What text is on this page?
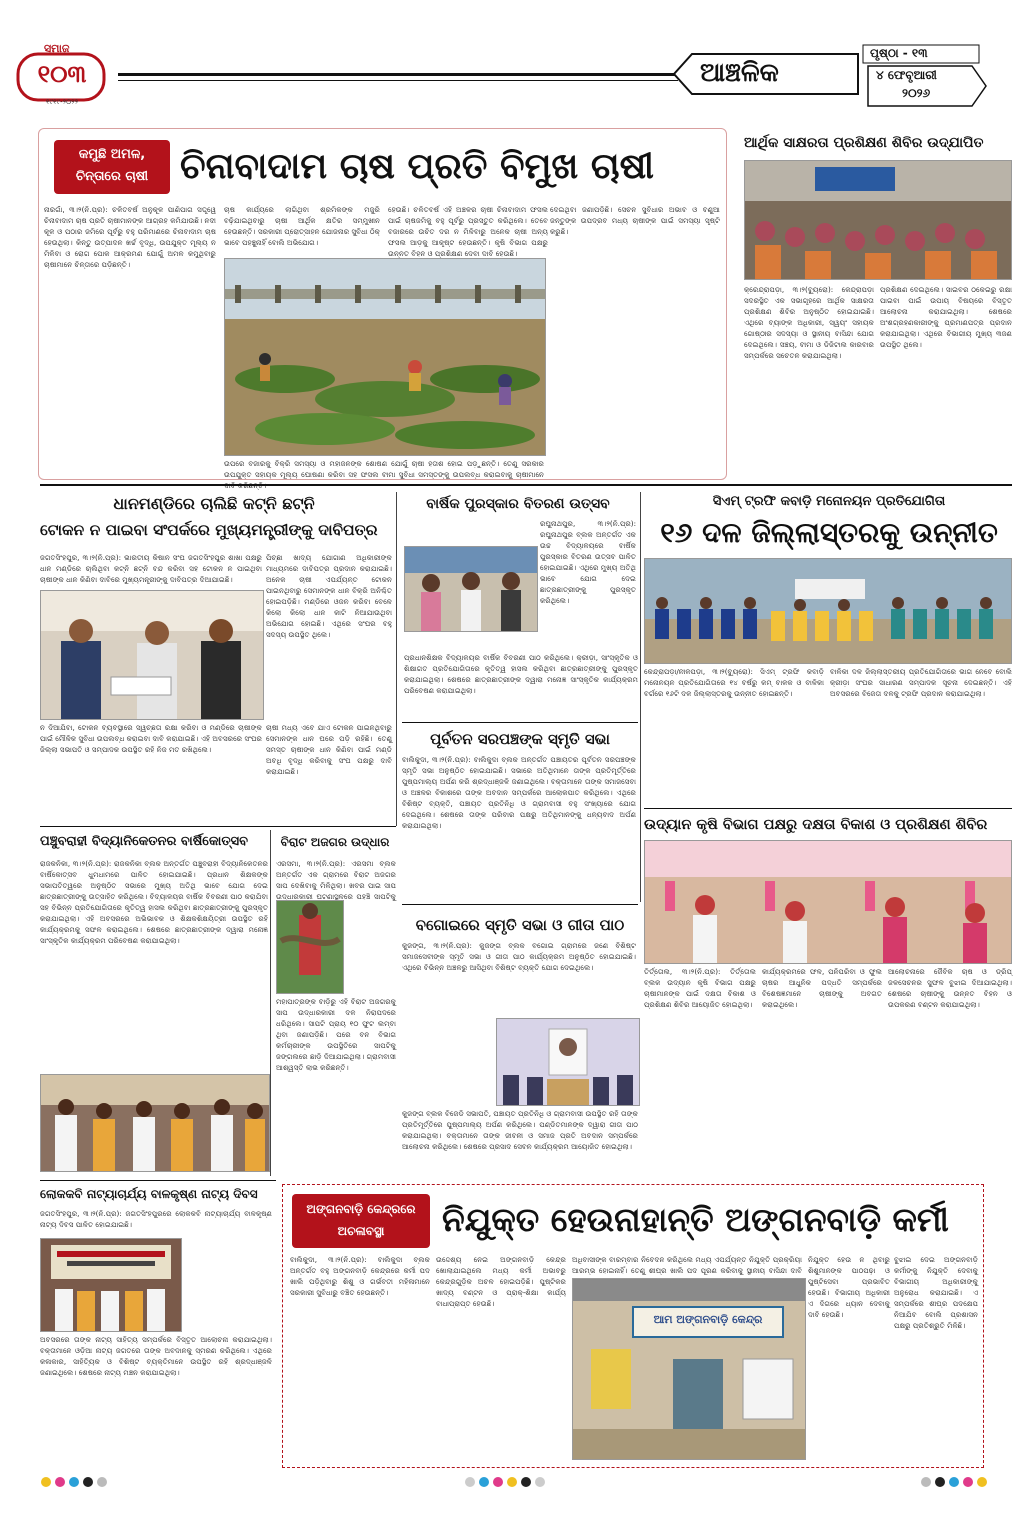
ସମାଜ
୧୦୩
୧୯୧୯-୨୦୨୨
ଆଞ୍ଚଳିକ
ପୃଷ୍ଠା - ୧୩
୪ ଫେବୃଆରୀ
୨୦୨୬
କମୁଛି ଅମଳ,
ଚିନ୍ତାରେ ଚାଷୀ ଚିନାବାଦାମ ଚାଷ ପ୍ରତି ବିମୁଖ ଚାଷୀ
ନାରଗାଁ, ୩।୨(ନି.ପ୍ର): ଚଳିତବର୍ଷ ଅନୁକୂଳ ପାଣିପାଗ ସତ୍ତ୍ୱେ ଚିନାବାଦାମ ଚାଷ ପ୍ରତି ଚାଷୀମାନଙ୍କ ଆଗ୍ରହ କମିଯାଉଛି। ନଦୀ କୂଳ ଓ ପଠାର ଜମିରେ ପୂର୍ବରୁ ବହୁ ପରିମାଣରେ ଚିନାବାଦାମ ଚାଷ ହେଉଥିଲା। କିନ୍ତୁ ଉତ୍ପାଦନ ଖର୍ଚ୍ଚ ବୃଦ୍ଧି, ଉପଯୁକ୍ତ ମୂଲ୍ୟ ନ ମିଳିବା ଓ ରୋଗ ପୋକ ଆକ୍ରମଣ ଯୋଗୁଁ ଅମଳ କମୁଥିବାରୁ ଚାଷୀମାନେ ଚିନ୍ତାରେ ପଡ଼ିଛନ୍ତି।
ଚାଷ କାର୍ଯ୍ୟରେ ଲାଗିଥିବା ଶ୍ରମିକଙ୍କ ମଜୁରି ବଢ଼ିଯାଇଥିବାରୁ ଚାଷୀ ଆର୍ଥିକ କ୍ଷତିର ସମ୍ମୁଖୀନ ହେଉଛନ୍ତି। ସରକାରୀ ପ୍ରୋତ୍ସାହନ ଯୋଜନାର ସୁବିଧା ଠିକ୍ ଭାବେ ପହଞ୍ଚୁନାହିଁ ବୋଲି ଅଭିଯୋଗ।
ହେଉଛି। ଚଳିତବର୍ଷ ଏହି ଅଞ୍ଚଳର ଚାଷୀ ଚିନାବାଦାମ ଫସଲ ପାଇଁ ଚାଷଜମିକୁ ବହୁ ପୂର୍ବରୁ ପ୍ରସ୍ତୁତ କରିଥିଲେ। ତେବେ ବଜାରରେ ଉଚିତ ଦର ନ ମିଳିବାରୁ ଅନେକ ଚାଷୀ ଅନ୍ୟ ଫସଲ ଆଡ଼କୁ ଆକୃଷ୍ଟ ହେଉଛନ୍ତି। କୃଷି ବିଭାଗ ପକ୍ଷରୁ ଉନ୍ନତ ବିହନ ଓ ପ୍ରଶିକ୍ଷଣ ଦେବା ଦାବି ହେଉଛି।
ଦେଇଥିବା ଜଣାପଡ଼ିଛି। ସେଚନ ସୁବିଧାର ଅଭାବ ଓ ବଣୁଆ ଜନ୍ତୁଙ୍କ ଉପଦ୍ରବ ମଧ୍ୟ ଚାଷୀଙ୍କ ପାଇଁ ସମସ୍ୟା ସୃଷ୍ଟି କରୁଛି।
ଉପରେ ବଜାରକୁ ବିକ୍ରି ସମସ୍ୟା ଓ ମହାଜନଙ୍କ ଶୋଷଣ ଯୋଗୁଁ ଚାଷୀ ହତାଶ ହୋଇ ପଡ଼ୁଛନ୍ତି। ତେଣୁ ସରକାର ଉପଯୁକ୍ତ ସହାୟକ ମୂଲ୍ୟ ଘୋଷଣା କରିବା ସହ ଫସଲ ବୀମା ସୁବିଧା ସମସ୍ତଙ୍କୁ ଉପଲବ୍ଧ କରାଇବାକୁ ଚାଷୀମାନେ
ଆର୍ଥିକ ସାକ୍ଷରତା ପ୍ରଶିକ୍ଷଣ ଶିବିର ଉଦ୍‌ଯାପିତ
କ୍ରେନ୍ଦ୍ରାପଡ଼ା, ୩।୨(ବ୍ୟୁରୋ): କେନ୍ଦ୍ରାପଡ଼ା ସଦରସ୍ଥିତ ଏକ ସଭାଗୃହରେ ଆର୍ଥିକ ସାକ୍ଷରତା ପ୍ରଶିକ୍ଷଣ ଶିବିର ଅନୁଷ୍ଠିତ ହୋଇଯାଇଛି। ଏଥିରେ ବ୍ୟାଙ୍କ ଅଧିକାରୀ, ସ୍ୱୟଂ ସହାୟକ ଗୋଷ୍ଠୀର ସଦସ୍ୟା ଓ ସ୍ଥାନୀୟ ବାସିନ୍ଦା ଯୋଗ ଦେଇଥିଲେ। ସଞ୍ଚୟ, ବୀମା ଓ ଡିଜିଟାଲ କାରବାର ସମ୍ପର୍କରେ ସଚେତନ କରାଯାଇଥିଲା।
ପ୍ରଶିକ୍ଷଣ ଦେଇଥିଲେ। ସାଇବର ଠକେଇରୁ ରକ୍ଷା ପାଇବା ପାଇଁ ଉପାୟ ବିଷୟରେ ବିସ୍ତୃତ ଆଲୋଚନା କରାଯାଇଥିଲା। ଶେଷରେ ଅଂଶଗ୍ରହଣକାରୀଙ୍କୁ ପ୍ରମାଣପତ୍ର ପ୍ରଦାନ କରାଯାଇଥିଲା। ଏଥିରେ ବିଭାଗୀୟ ମୁଖ୍ୟ ୩ଜଣ ଉପସ୍ଥିତ ଥିଲେ।
ଧାନମଣ୍ଡିରେ ଚାଲିଛି କଟ୍‌ନି ଛଟ୍‌ନି
ଟୋକନ ନ ପାଇବା ସଂପର୍କରେ ମୁଖ୍ୟମନ୍ତ୍ରୀଙ୍କୁ ଦାବିପତ୍ର
ଜଗତସିଂହପୁର, ୩।୨(ନି.ପ୍ର): ଭାରତୀୟ କିଷାନ ସଂଘ ଜଗତସିଂହପୁର ଶାଖା ପକ୍ଷରୁ ଧାନ ମଣ୍ଡିରେ ଚାଲିଥିବା କଟ୍‌ନି ଛଟ୍‌ନି ବନ୍ଦ କରିବା ସହ ଟୋକନ ନ ପାଇଥିବା ଚାଷୀଙ୍କ ଧାନ କିଣିବା ଦାବିରେ ମୁଖ୍ୟମନ୍ତ୍ରୀଙ୍କୁ ଦାବିପତ୍ର ଦିଆଯାଇଛି।
ପିଚ୍ଛା ଖାଦ୍ୟ ଯୋଗାଣ ଅଧିକାରୀଙ୍କ ମାଧ୍ୟମରେ ଦାବିପତ୍ର ପ୍ରଦାନ କରାଯାଇଛି। ଅନେକ ଚାଷୀ ଏପର୍ଯ୍ୟନ୍ତ ଟୋକନ ପାଇନଥିବାରୁ ସେମାନଙ୍କ ଧାନ ବିକ୍ରି ଅନିଶ୍ଚିତ ହୋଇପଡ଼ିଛି। ମଣ୍ଡିରେ ଓଜନ କରିବା ବେଳେ କିଲୋ କିଲୋ ଧାନ କାଟି ନିଆଯାଉଥିବା ଅଭିଯୋଗ ହୋଇଛି। ଏଥିରେ ସଂଘର ବହୁ ସଦସ୍ୟ ଉପସ୍ଥିତ ଥିଲେ।
ଚାଷୀ ମଧ୍ୟ ଏବେ ଯାଏ ଟୋକନ ପାଇନଥିବାରୁ ସେମାନଙ୍କ ଧାନ ଘରେ ପଡ଼ି ରହିଛି। ତେଣୁ ସମସ୍ତ ଚାଷୀଙ୍କ ଧାନ କିଣିବା ପାଇଁ ମଣ୍ଡି ଅବଧି ବୃଦ୍ଧି କରିବାକୁ ସଂଘ ପକ୍ଷରୁ ଦାବି କରାଯାଇଛି।
ନ ଦିଆଯିବା, ଟୋକନ ବ୍ୟବସ୍ଥାରେ ସ୍ୱଚ୍ଛତା ରକ୍ଷା କରିବା ଓ ମଣ୍ଡିରେ ଚାଷୀଙ୍କ ପାଇଁ ମୌଳିକ ସୁବିଧା ଉପଲବ୍ଧ କରାଇବା ଦାବି କରାଯାଇଛି। ଏହି ଅବସରରେ ସଂଘର ଜିଲ୍ଲା ସଭାପତି ଓ ସମ୍ପାଦକ ଉପସ୍ଥିତ ରହି ନିଜ ମତ ରଖିଥିଲେ।
ବାର୍ଷିକ ପୁରସ୍କାର ବିତରଣ ଉତ୍ସବ
ରଘୁନାଥପୁର, ୩।୨(ନି.ପ୍ର): ରଘୁନାଥପୁର ବ୍ଲକ ଅନ୍ତର୍ଗତ ଏକ ଉଚ୍ଚ ବିଦ୍ୟାଳୟରେ ବାର୍ଷିକ ପୁରସ୍କାର ବିତରଣ ଉତ୍ସବ ପାଳିତ ହୋଇଯାଇଛି। ଏଥିରେ ମୁଖ୍ୟ ଅତିଥି ଭାବେ ଯୋଗ ଦେଇ ଛାତ୍ରଛାତ୍ରୀଙ୍କୁ ପୁରସ୍କୃତ କରିଥିଲେ।
ପ୍ରଧାନଶିକ୍ଷକ ବିଦ୍ୟାଳୟର ବାର୍ଷିକ ବିବରଣୀ ପାଠ କରିଥିଲେ। କ୍ରୀଡ଼ା, ସାଂସ୍କୃତିକ ଓ ଶିକ୍ଷାଗତ ପ୍ରତିଯୋଗିତାରେ କୃତିତ୍ୱ ହାସଲ କରିଥିବା ଛାତ୍ରଛାତ୍ରୀଙ୍କୁ ପୁରସ୍କୃତ କରାଯାଇଥିଲା। ଶେଷରେ ଛାତ୍ରଛାତ୍ରୀଙ୍କ ଦ୍ୱାରା ମନୋଜ୍ଞ ସାଂସ୍କୃତିକ କାର୍ଯ୍ୟକ୍ରମ ପରିବେଷଣ କରାଯାଇଥିଲା।
ପୂର୍ବତନ ସରପଞ୍ଚଙ୍କ ସ୍ମୃତି ସଭା
ବାଲିକୁଦା, ୩।୨(ନି.ପ୍ର): ବାଲିକୁଦା ବ୍ଲକ ଅନ୍ତର୍ଗତ ପଞ୍ଚାୟତର ପୂର୍ବତନ ସରପଞ୍ଚଙ୍କ ସ୍ମୃତି ସଭା ଅନୁଷ୍ଠିତ ହୋଇଯାଇଛି। ସଭାରେ ଅତିଥିମାନେ ତାଙ୍କ ପ୍ରତିମୂର୍ତ୍ତିରେ ପୁଷ୍ପମାଲ୍ୟ ଅର୍ପଣ କରି ଶ୍ରଦ୍ଧାଞ୍ଜଳି ଜଣାଇଥିଲେ। ବକ୍ତାମାନେ ତାଙ୍କ ସମାଜସେବା ଓ ଅଞ୍ଚଳର ବିକାଶରେ ତାଙ୍କ ଅବଦାନ ସମ୍ପର୍କରେ ଆଲୋକପାତ କରିଥିଲେ। ଏଥିରେ ବିଶିଷ୍ଟ ବ୍ୟକ୍ତି, ପଞ୍ଚାୟତ ପ୍ରତିନିଧି ଓ ଗ୍ରାମବାସୀ ବହୁ ସଂଖ୍ୟାରେ ଯୋଗ ଦେଇଥିଲେ। ଶେଷରେ ତାଙ୍କ ପରିବାର ପକ୍ଷରୁ ଅତିଥିମାନଙ୍କୁ ଧନ୍ୟବାଦ ଅର୍ପଣ କରାଯାଇଥିଲା।
ସିଏମ୍ ଟ୍ରଫି କବାଡ଼ି ମନୋନୟନ ପ୍ରତିଯୋଗିତା
୧୬ ଦଳ ଜିଲ୍ଲାସ୍ତରକୁ ଉନ୍ନୀତ
କେନ୍ଦ୍ରାପଡ଼ା/ନୀଳପଡ଼ା, ୩।୨(ବ୍ୟୁରୋ): ସିଏମ୍ ଟ୍ରଫି କବାଡ଼ି ମନୋନୟନ ପ୍ରତିଯୋଗିତାରେ ୧୪ ବର୍ଷରୁ କମ୍ ବାଳକ ଓ ବାଳିକା ବର୍ଗରେ ୧୬ଟି ଦଳ ଜିଲ୍ଲାସ୍ତରକୁ ଉନ୍ନୀତ ହୋଇଛନ୍ତି।
ବାଳିକା ଦଳ ଜିଲ୍ଲାସ୍ତରୀୟ ପ୍ରତିଯୋଗିତାରେ ଭାଗ ନେବେ ବୋଲି କ୍ରୀଡ଼ା ସଂଘର ସାଧାରଣ ସମ୍ପାଦକ ସୂଚନା ଦେଇଛନ୍ତି। ଏହି ଅବସରରେ ବିଜେତା ଦଳକୁ ଟ୍ରଫି ପ୍ରଦାନ କରାଯାଇଥିଲା।
ଉଦ୍ୟାନ କୃଷି ବିଭାଗ ପକ୍ଷରୁ ଦକ୍ଷତା ବିକାଶ ଓ ପ୍ରଶିକ୍ଷଣ ଶିବିର
ତିର୍ତ୍ତୋଲ, ୩।୨(ନି.ପ୍ର): ତିର୍ତ୍ତୋଲ ବ୍ଲକ ଉଦ୍ୟାନ କୃଷି ବିଭାଗ ପକ୍ଷରୁ ଚାଷୀମାନଙ୍କ ପାଇଁ ଦକ୍ଷତା ବିକାଶ ଓ ପ୍ରଶିକ୍ଷଣ ଶିବିର ଆୟୋଜିତ ହୋଇଥିଲା।
କାର୍ଯ୍ୟକ୍ରମରେ ଫଳ, ପନିପରିବା ଓ ଫୁଲ ଚାଷର ଆଧୁନିକ ପଦ୍ଧତି ସମ୍ପର୍କରେ ବିଶେଷଜ୍ଞମାନେ ଚାଷୀଙ୍କୁ ଅବଗତ କରାଇଥିଲେ।
ଆଲୋଚନାରେ ଜୈବିକ ଚାଷ ଓ ଡ୍ରିପ୍ ଜଳସେଚନର ସୁଫଳ ବୁଝାଇ ଦିଆଯାଇଥିଲା। ଶେଷରେ ଚାଷୀଙ୍କୁ ଉନ୍ନତ ବିହନ ଓ ଉପକରଣ ବଣ୍ଟନ କରାଯାଇଥିଲା।
ପଞ୍ଚୁବରାହୀ ବିଦ୍ୟାନିକେତନର ବାର୍ଷିକୋତ୍ସବ
ରାଜକନିକା, ୩।୨(ନି.ପ୍ର): ରାଜକନିକା ବ୍ଲକ ଅନ୍ତର୍ଗତ ପଞ୍ଚୁବରାହୀ ବିଦ୍ୟାନିକେତନର ବାର୍ଷିକୋତ୍ସବ ଧୁମଧାମରେ ପାଳିତ ହୋଇଯାଇଛି। ପ୍ରଧାନ ଶିକ୍ଷକଙ୍କ ସଭାପତିତ୍ୱରେ ଅନୁଷ୍ଠିତ ସଭାରେ ମୁଖ୍ୟ ଅତିଥି ଭାବେ ଯୋଗ ଦେଇ ଛାତ୍ରଛାତ୍ରୀଙ୍କୁ ଉତ୍ସାହିତ କରିଥିଲେ। ବିଦ୍ୟାଳୟର ବାର୍ଷିକ ବିବରଣୀ ପାଠ କରାଯିବା ସହ ବିଭିନ୍ନ ପ୍ରତିଯୋଗିତାରେ କୃତିତ୍ୱ ହାସଲ କରିଥିବା ଛାତ୍ରଛାତ୍ରୀଙ୍କୁ ପୁରସ୍କୃତ କରାଯାଇଥିଲା। ଏହି ଅବସରରେ ଅଭିଭାବକ ଓ ଶିକ୍ଷକଶିକ୍ଷୟିତ୍ରୀ ଉପସ୍ଥିତ ରହି କାର୍ଯ୍ୟକ୍ରମକୁ ସଫଳ କରାଇଥିଲେ। ଶେଷରେ ଛାତ୍ରଛାତ୍ରୀଙ୍କ ଦ୍ୱାରା ମନୋଜ୍ଞ ସାଂସ୍କୃତିକ କାର୍ଯ୍ୟକ୍ରମ ପରିବେଷଣ କରାଯାଇଥିଲା।
ବିରାଟ ଅଜଗର ଉଦ୍ଧାର
ଏରସମା, ୩।୨(ନି.ପ୍ର): ଏରସମା ବ୍ଲକ ଅନ୍ତର୍ଗତ ଏକ ଗ୍ରାମରେ ବିରାଟ ଅଜଗର ସାପ ଦେଖିବାକୁ ମିଳିଥିଲା। ଖବର ପାଇ ସାପ ଉଦ୍ଧାରକାରୀ ଘଟଣାସ୍ଥଳରେ ପହଞ୍ଚି ସାପଟିକୁ
ମହାପାତ୍ରଙ୍କ ବାଡ଼ିରୁ ଏହି ବିରାଟ ଅଜଗରକୁ ସାପ ଉଦ୍ଧାରକାରୀ ଦଳ ନିରାପଦରେ ଧରିଥିଲେ। ସାପଟି ପ୍ରାୟ ୧୦ ଫୁଟ ଲମ୍ବା ଥିବା ଜଣାପଡ଼ିଛି। ପରେ ବନ ବିଭାଗ କର୍ମଚାରୀଙ୍କ ଉପସ୍ଥିତିରେ ସାପଟିକୁ ଜଙ୍ଗଲରେ ଛାଡ଼ି ଦିଆଯାଇଥିଲା। ଗ୍ରାମବାସୀ ଆଶ୍ୱସ୍ତି ଲାଭ କରିଛନ୍ତି।
ବଗୋଇରେ ସ୍ମୃତି ସଭା ଓ ଗୀତା ପାଠ
କୁଜଙ୍ଗ, ୩।୨(ନି.ପ୍ର): କୁଜଙ୍ଗ ବ୍ଲକ ବଗୋଇ ଗ୍ରାମରେ ଜଣେ ବିଶିଷ୍ଟ ସମାଜସେବୀଙ୍କ ସ୍ମୃତି ସଭା ଓ ଗୀତା ପାଠ କାର୍ଯ୍ୟକ୍ରମ ଅନୁଷ୍ଠିତ ହୋଇଯାଇଛି। ଏଥିରେ ବିଭିନ୍ନ ଅଞ୍ଚଳରୁ ଆସିଥିବା ବିଶିଷ୍ଟ ବ୍ୟକ୍ତି ଯୋଗ ଦେଇଥିଲେ।
କୁଜଙ୍ଗ ବ୍ଲକ ବିଜେଡି ସଭାପତି, ପଞ୍ଚାୟତ ପ୍ରତିନିଧି ଓ ଗ୍ରାମବାସୀ ଉପସ୍ଥିତ ରହି ତାଙ୍କ ପ୍ରତିମୂର୍ତ୍ତିରେ ପୁଷ୍ପମାଲ୍ୟ ଅର୍ପଣ କରିଥିଲେ। ପଣ୍ଡିତମାନଙ୍କ ଦ୍ୱାରା ଗୀତା ପାଠ କରାଯାଇଥିଲା। ବକ୍ତାମାନେ ତାଙ୍କ ଜୀବନୀ ଓ ସମାଜ ପ୍ରତି ଅବଦାନ ସମ୍ପର୍କରେ ଆଲୋଚନା କରିଥିଲେ। ଶେଷରେ ପ୍ରସାଦ ସେବନ କାର୍ଯ୍ୟକ୍ରମ ଆୟୋଜିତ ହୋଇଥିଲା।
ଲୋକକବି ନାଟ୍ୟାଚାର୍ଯ୍ୟ ବାଳକୃଷ୍ଣ ନାଟ୍ୟ ଦିବସ
ଜଗତସିଂହପୁର, ୩।୨(ନି.ପ୍ର): ଜଗତସିଂହପୁରରେ ଲୋକକବି ନାଟ୍ୟାଚାର୍ଯ୍ୟ ବାଳକୃଷ୍ଣ ନାଟ୍ୟ ଦିବସ ପାଳିତ ହୋଇଯାଇଛି।
ଅବସରରେ ତାଙ୍କ ନାଟ୍ୟ ସାହିତ୍ୟ ସମ୍ପର୍କରେ ବିସ୍ତୃତ ଆଲୋଚନା କରାଯାଇଥିଲା। ବକ୍ତାମାନେ ଓଡ଼ିଆ ନାଟ୍ୟ ଜଗତରେ ତାଙ୍କ ଅବଦାନକୁ ସ୍ମରଣ କରିଥିଲେ। ଏଥିରେ କଳାକାର, ସାହିତ୍ୟିକ ଓ ବିଶିଷ୍ଟ ବ୍ୟକ୍ତିମାନେ ଉପସ୍ଥିତ ରହି ଶ୍ରଦ୍ଧାଞ୍ଜଳି ଜଣାଇଥିଲେ। ଶେଷରେ ନାଟ୍ୟ ମଞ୍ଚନ କରାଯାଇଥିଲା।
ଅଙ୍ଗନବାଡ଼ି କେନ୍ଦ୍ରରେ
ଅଚଳାବସ୍ଥା	ନିଯୁକ୍ତ ହେଉନାହାନ୍ତି ଅଙ୍ଗନବାଡ଼ି କର୍ମୀ
ବାଲିକୁଦା, ୩।୨(ନି.ପ୍ର): ବାଲିକୁଦା ବ୍ଲକ ଅନ୍ତର୍ଗତ ବହୁ ଅଙ୍ଗନବାଡ଼ି କେନ୍ଦ୍ରରେ କର୍ମୀ ପଦ ଖାଲି ପଡ଼ିଥିବାରୁ ଶିଶୁ ଓ ଗର୍ଭବତୀ ମହିଳାମାନେ ସରକାରୀ ସୁବିଧାରୁ ବଞ୍ଚିତ ହେଉଛନ୍ତି।
ଉଦ୍ଦେଶ୍ୟ ନେଇ ଅଙ୍ଗନବାଡ଼ି କେନ୍ଦ୍ର ଖୋଲାଯାଇଥିଲେ ମଧ୍ୟ କର୍ମୀ ଅଭାବରୁ କେନ୍ଦ୍ରଗୁଡ଼ିକ ଅଚଳ ହୋଇପଡ଼ିଛି। ପୁଷ୍ଟିକର ଖାଦ୍ୟ ବଣ୍ଟନ ଓ ପ୍ରାକ୍-ଶିକ୍ଷା କାର୍ଯ୍ୟ ବାଧାପ୍ରାପ୍ତ ହେଉଛି।
ଅଧିବାସୀଙ୍କ ବାରମ୍ବାର ନିବେଦନ କରିଥିଲେ ମଧ୍ୟ ଏପର୍ଯ୍ୟନ୍ତ ନିଯୁକ୍ତି ପ୍ରକ୍ରିୟା ଆରମ୍ଭ ହୋଇନାହିଁ। ତେଣୁ ଶୀଘ୍ର ଖାଲି ପଦ ପୂରଣ କରିବାକୁ ସ୍ଥାନୀୟ ବାସିନ୍ଦା ଦାବି
ଆମ ଅଙ୍ଗନବାଡ଼ି କେନ୍ଦ୍ର
ନିଯୁକ୍ତ ହେଉ ନ ଥିବାରୁ ଶିଶୁମାନଙ୍କ ପାଠପଢ଼ା ଓ ପୁଷ୍ଟିସେବା ପ୍ରଭାବିତ ହେଉଛି। ବିଭାଗୀୟ ଅଧିକାରୀ ଏ ଦିଗରେ ଧ୍ୟାନ ଦେବାକୁ ଦାବି ହେଉଛି।
ବୁଝାଇ ଦେଇ ଅଙ୍ଗନବାଡ଼ି କର୍ମୀଙ୍କୁ ନିଯୁକ୍ତି ଦେବାକୁ ବିଭାଗୀୟ ଅଧିକାରୀଙ୍କୁ ଅନୁରୋଧ କରାଯାଇଛି। ଏ ସମ୍ପର୍କରେ ଶୀଘ୍ର ପଦକ୍ଷେପ ନିଆଯିବ ବୋଲି ପ୍ରଶାସନ ପକ୍ଷରୁ ପ୍ରତିଶ୍ରୁତି ମିଳିଛି।
